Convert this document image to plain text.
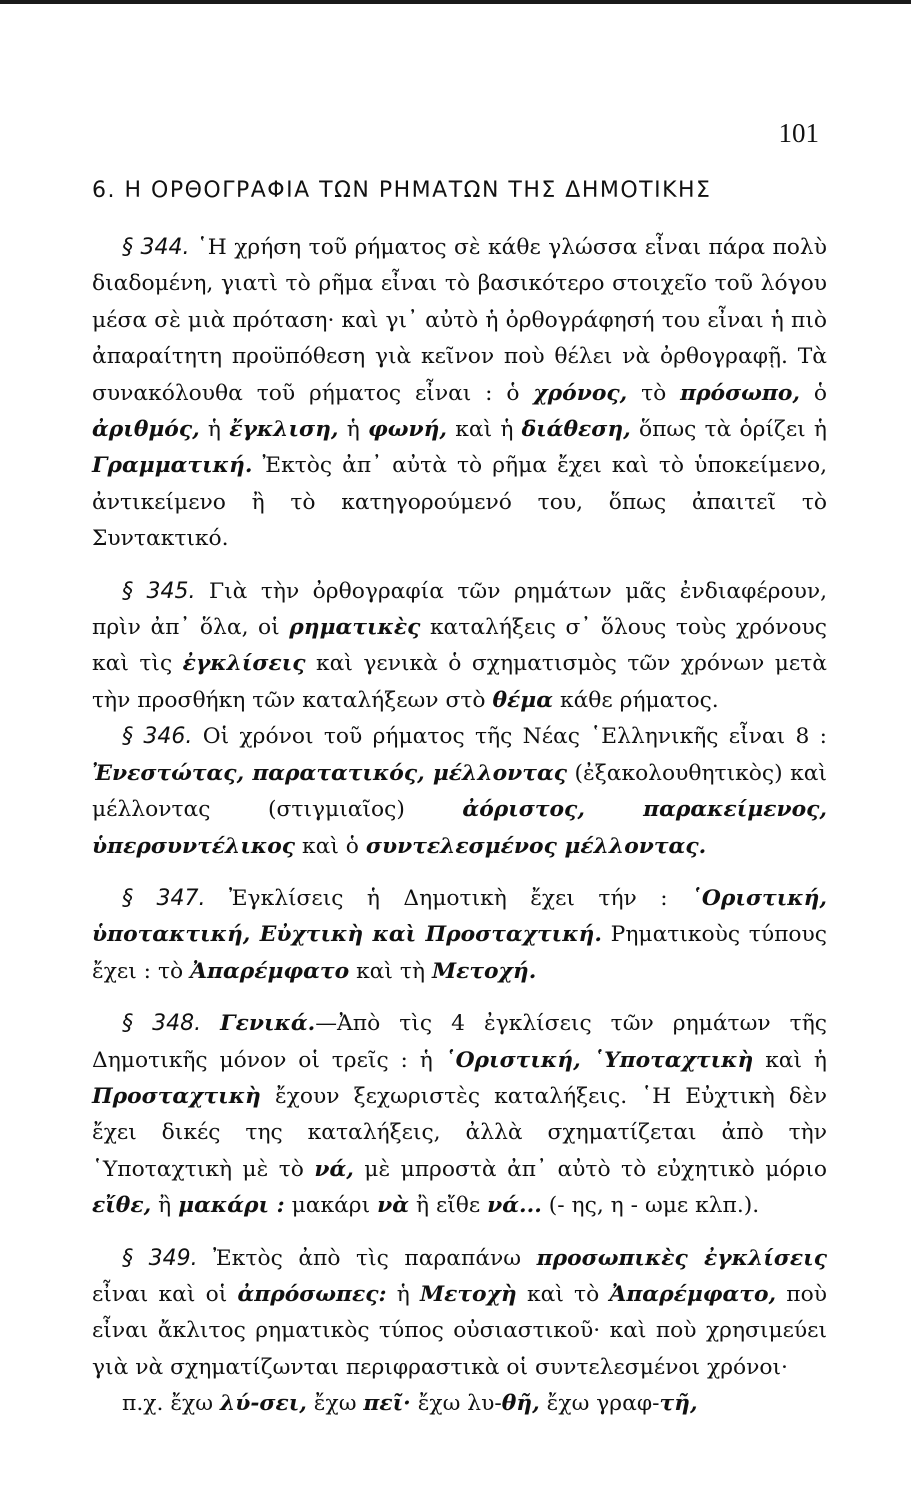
101
6. Η ΟΡΘΟΓΡΑΦΙΑ ΤΩΝ ΡΗΜΑΤΩΝ ΤΗΣ ΔΗΜΟΤΙΚΗΣ

§ 344. ῾Η χρήση τοῦ ρήματος σὲ κάθε γλώσσα εἶναι πάρα πολὺ διαδομένη, γιατὶ τὸ ρῆμα εἶναι τὸ βασικότερο στοιχεῖο τοῦ λόγου μέσα σὲ μιὰ πρόταση· καὶ γι᾿ αὐτὸ ἡ ὀρθογράφησή του εἶναι ἡ πιὸ ἀπαραίτητη προϋπόθεση γιὰ κεῖνον ποὺ θέλει νὰ ὀρθογραφῇ. Τὰ συνακόλουθα τοῦ ρήματος εἶναι : ὁ χρόνος, τὸ πρόσωπο, ὁ ἀριθμός, ἡ ἔγκλιση, ἡ φωνή, καὶ ἡ διάθεση, ὅπως τὰ ὁρίζει ἡ Γραμματική. Ἐκτὸς ἀπ᾿ αὐτὰ τὸ ρῆμα ἔχει καὶ τὸ ὑποκείμενο, ἀντικείμενο ἢ τὸ κατηγορούμενό του, ὅπως ἀπαιτεῖ τὸ Συντακτικό.

§ 345. Γιὰ τὴν ὀρθογραφία τῶν ρημάτων μᾶς ἐνδιαφέρουν, πρὶν ἀπ᾿ ὅλα, οἱ ρηματικὲς καταλήξεις σ᾿ ὅλους τοὺς χρόνους καὶ τὶς ἐγκλίσεις καὶ γενικὰ ὁ σχηματισμὸς τῶν χρόνων μετὰ τὴν προσθήκη τῶν καταλήξεων στὸ θέμα κάθε ρήματος.

§ 346. Οἱ χρόνοι τοῦ ρήματος τῆς Νέας ῾Ελληνικῆς εἶναι 8 : Ἐνεστώτας, παρατατικός, μέλλοντας (ἐξακολουθητικὸς) καὶ μέλλοντας (στιγμιαῖος)	ἀόριστος, παρακείμενος, ὑπερσυντέλικος καὶ ὁ συντελεσμένος μέλλοντας.

§ 347. Ἐγκλίσεις ἡ Δημοτικὴ ἔχει τήν : ῾Οριστική, ὑποτακτική, Εὐχτικὴ καὶ Προσταχτική. Ρηματικοὺς τύπους ἔχει : τὸ Ἀπαρέμφατο καὶ τὴ Μετοχή.

§ 348. Γενικά.—Ἀπὸ τὶς 4 ἐγκλίσεις τῶν ρημάτων τῆς Δημοτικῆς μόνον οἱ τρεῖς : ἡ ῾Οριστική, ῾Υποταχτικὴ καὶ ἡ Προσταχτικὴ ἔχουν ξεχωριστὲς καταλήξεις. ῾Η Εὐχτικὴ δὲν ἔχει δικές της καταλήξεις, ἀλλὰ σχηματίζεται ἀπὸ τὴν ῾Υποταχτικὴ μὲ τὸ νά, μὲ μπροστὰ ἀπ᾿ αὐτὸ τὸ εὐχητικὸ μόριο εἴθε, ἢ μακάρι : μακάρι νὰ ἢ εἴθε νά... (- ης, η - ωμε κλπ.).

§ 349. Ἐκτὸς ἀπὸ τὶς παραπάνω προσωπικὲς ἐγκλίσεις εἶναι καὶ οἱ ἀπρόσωπες: ἡ Μετοχὴ καὶ τὸ Ἀπαρέμφατο, ποὺ εἶναι ἄκλιτος ρηματικὸς τύπος οὐσιαστικοῦ· καὶ ποὺ χρησιμεύει γιὰ νὰ σχηματίζωνται περιφραστικὰ οἱ συντελεσμένοι χρόνοι·

π.χ. ἔχω λύ-σει, ἔχω πεῖ· ἔχω λυ-θῆ, ἔχω γραφ-τῆ,
